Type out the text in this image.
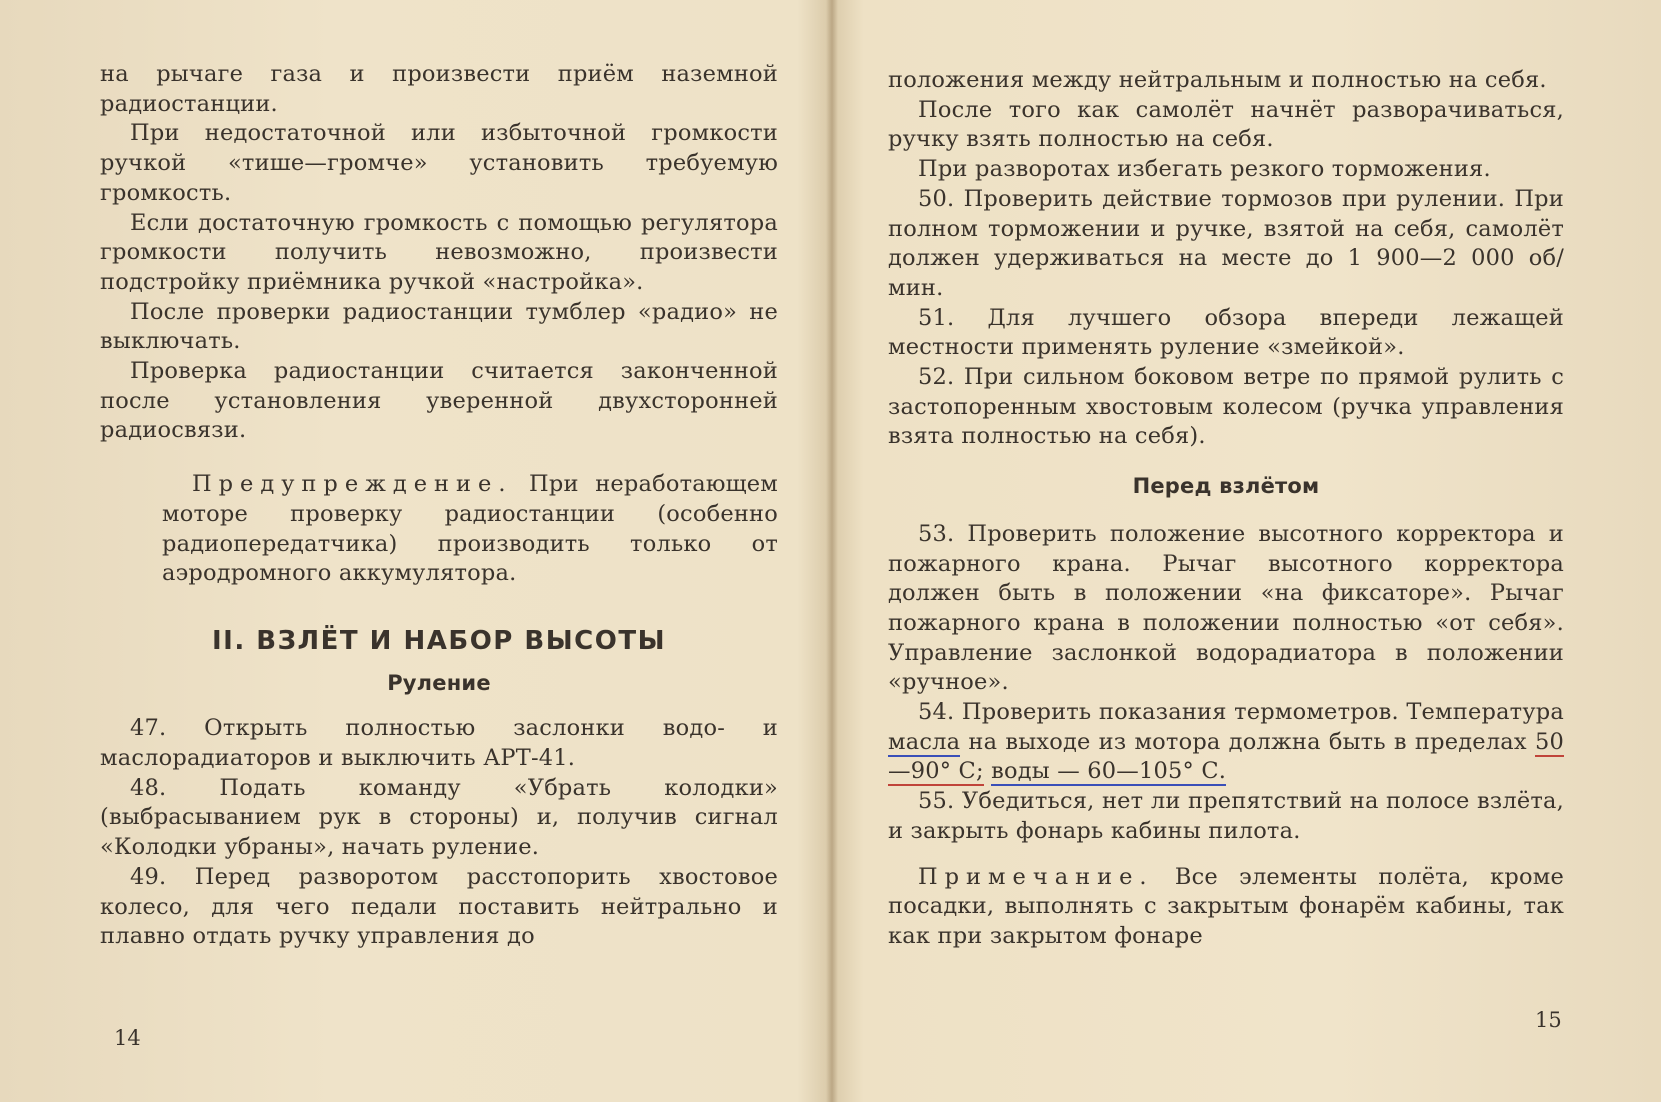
на рычаге газа и произвести приём наземной радиостанции.

При недостаточной или избыточной громкости ручкой «тише—громче» установить требуемую громкость.

Если достаточную громкость с помощью регулятора громкости получить невозможно, произвести подстройку приёмника ручкой «настройка».

После проверки радиостанции тумблер «радио» не выключать.

Проверка радиостанции считается законченной после установления уверенной двухсторонней радиосвязи.

Предупреждение. При неработающем моторе проверку радиостанции (особенно радиопередатчика) производить только от аэродромного аккумулятора.

II. ВЗЛЁТ И НАБОР ВЫСОТЫ
Руление

47. Открыть полностью заслонки водо- и маслорадиаторов и выключить АРТ-41.

48. Подать команду «Убрать колодки» (выбрасыванием рук в стороны) и, получив сигнал «Колодки убраны», начать руление.

49. Перед разворотом расстопорить хвостовое колесо, для чего педали поставить нейтрально и плавно отдать ручку управления до

14

положения между нейтральным и полностью на себя.

После того как самолёт начнёт разворачиваться, ручку взять полностью на себя.

При разворотах избегать резкого торможения.

50. Проверить действие тормозов при рулении. При полном торможении и ручке, взятой на себя, самолёт должен удерживаться на месте до 1 900—2 000 об/мин.

51. Для лучшего обзора впереди лежащей местности применять руление «змейкой».

52. При сильном боковом ветре по прямой рулить с застопоренным хвостовым колесом (ручка управления взята полностью на себя).

Перед взлётом

53. Проверить положение высотного корректора и пожарного крана. Рычаг высотного корректора должен быть в положении «на фиксаторе». Рычаг пожарного крана в положении полностью «от себя». Управление заслонкой водорадиатора в положении «ручное».

54. Проверить показания термометров. Температура масла на выходе из мотора должна быть в пределах 50—90° С; воды — 60—105° С.

55. Убедиться, нет ли препятствий на полосе взлёта, и закрыть фонарь кабины пилота.

Примечание. Все элементы полёта, кроме посадки, выполнять с закрытым фонарём кабины, так как при закрытом фонаре

15
